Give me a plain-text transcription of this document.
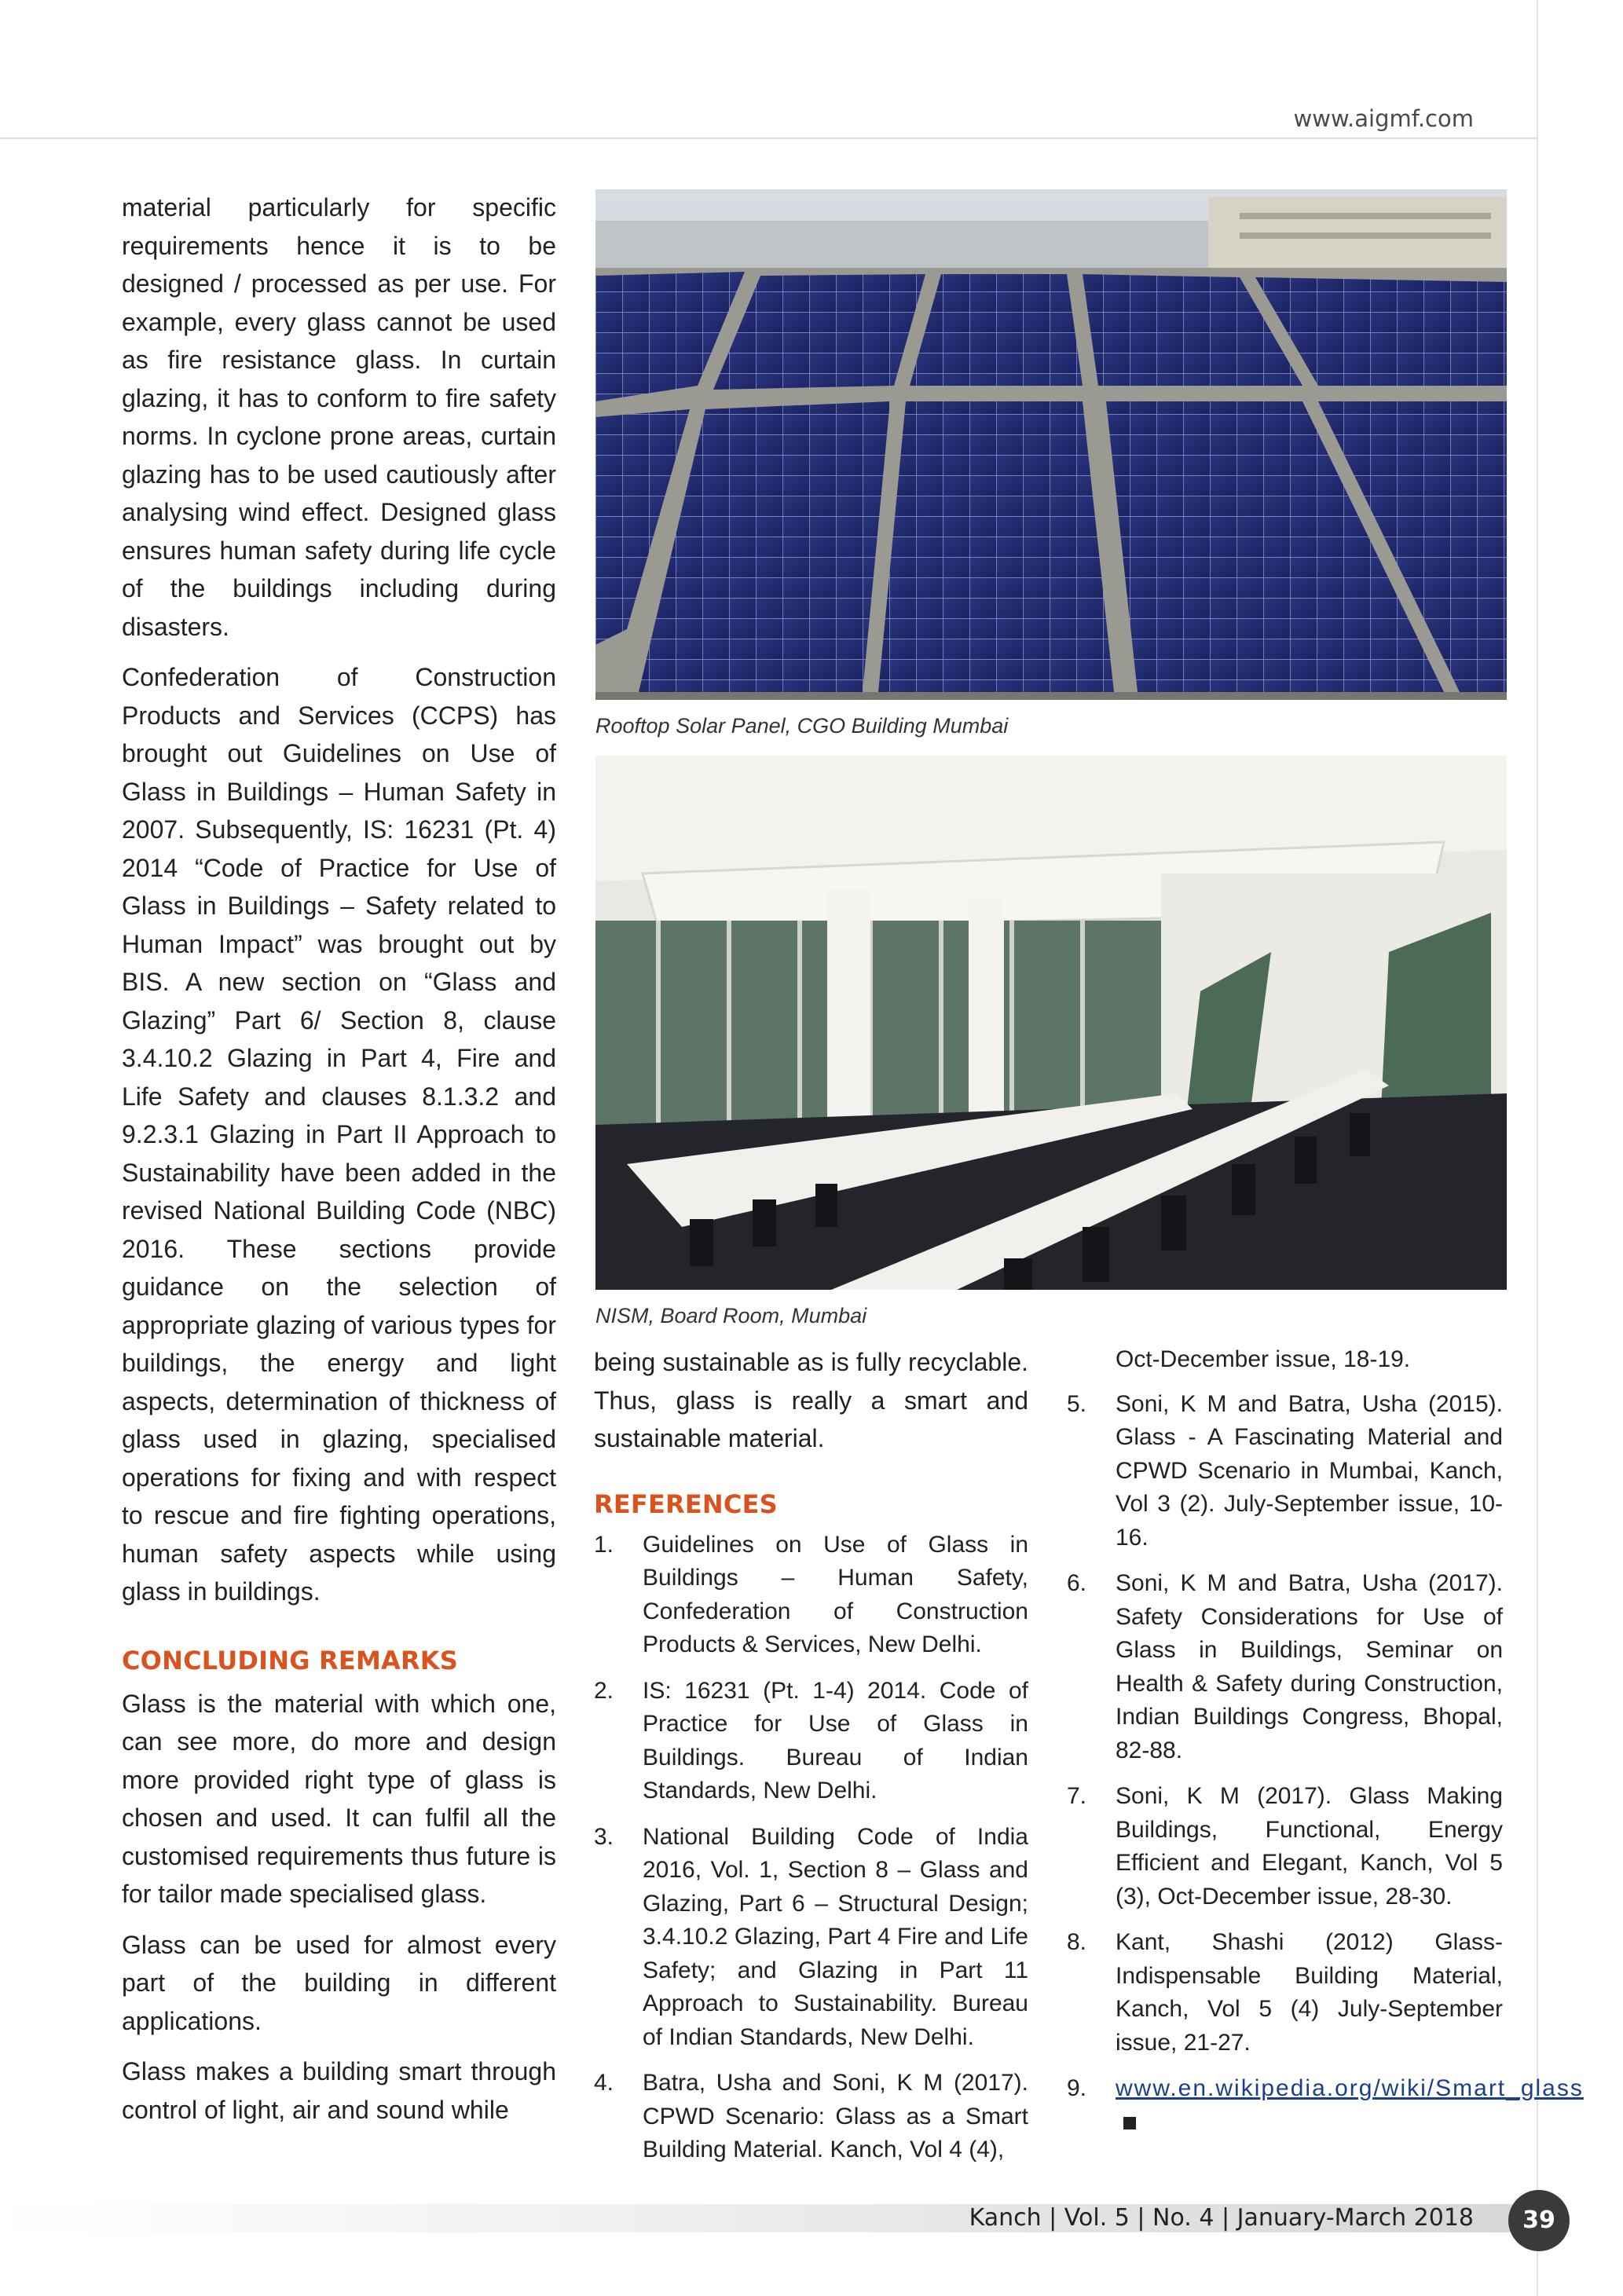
www.aigmf.com

material particularly for specific requirements hence it is to be designed / processed as per use. For example, every glass cannot be used as fire resistance glass. In curtain glazing, it has to conform to fire safety norms. In cyclone prone areas, curtain glazing has to be used cautiously after analysing wind effect. Designed glass ensures human safety during life cycle of the buildings including during disasters.

Confederation of Construction Products and Services (CCPS) has brought out Guidelines on Use of Glass in Buildings – Human Safety in 2007. Subsequently, IS: 16231 (Pt. 4) 2014 “Code of Practice for Use of Glass in Buildings – Safety related to Human Impact” was brought out by BIS. A new section on “Glass and Glazing” Part 6/ Section 8, clause 3.4.10.2 Glazing in Part 4, Fire and Life Safety and clauses 8.1.3.2 and 9.2.3.1 Glazing in Part II Approach to Sustainability have been added in the revised National Building Code (NBC) 2016. These sections provide guidance on the selection of appropriate glazing of various types for buildings, the energy and light aspects, determination of thickness of glass used in glazing, specialised operations for fixing and with respect to rescue and fire fighting operations, human safety aspects while using glass in buildings.

CONCLUDING REMARKS

Glass is the material with which one, can see more, do more and design more provided right type of glass is chosen and used. It can fulfil all the customised requirements thus future is for tailor made specialised glass.

Glass can be used for almost every part of the building in different applications.

Glass makes a building smart through control of light, air and sound while

Rooftop Solar Panel, CGO Building Mumbai
NISM, Board Room, Mumbai

being sustainable as is fully recyclable. Thus, glass is really a smart and sustainable material.

REFERENCES
1.	Guidelines on Use of Glass in Buildings – Human Safety, Confederation of Construction Products & Services, New Delhi.
2.	IS: 16231 (Pt. 1-4) 2014. Code of Practice for Use of Glass in Buildings. Bureau of Indian Standards, New Delhi.
3.	National Building Code of India 2016, Vol. 1, Section 8 – Glass and Glazing, Part 6 – Structural Design; 3.4.10.2 Glazing, Part 4 Fire and Life Safety; and Glazing in Part 11 Approach to Sustainability. Bureau of Indian Standards, New Delhi.
4.	Batra, Usha and Soni, K M (2017). CPWD Scenario: Glass as a Smart Building Material. Kanch, Vol 4 (4),
Oct-December issue, 18-19.
5.	Soni, K M and Batra, Usha (2015). Glass - A Fascinating Material and CPWD Scenario in Mumbai, Kanch, Vol 3 (2). July-September issue, 10-16.
6.	Soni, K M and Batra, Usha (2017). Safety Considerations for Use of Glass in Buildings, Seminar on Health & Safety during Construction, Indian Buildings Congress, Bhopal, 82-88.
7.	Soni, K M (2017). Glass Making Buildings, Functional, Energy Efficient and Elegant, Kanch, Vol 5 (3), Oct-December issue, 28-30.
8.	Kant, Shashi (2012) Glass-Indispensable Building Material, Kanch, Vol 5 (4) July-September issue, 21-27.
9.	www.en.wikipedia.org/wiki/Smart_glass
Kanch | Vol. 5 | No. 4 | January-March 2018	39
